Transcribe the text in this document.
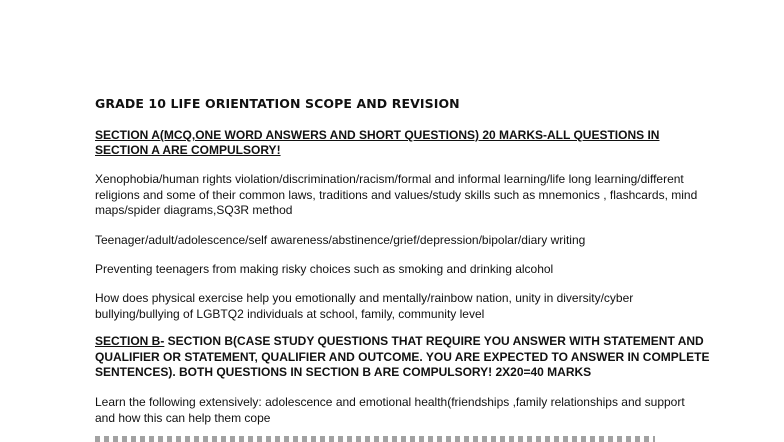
GRADE 10 LIFE ORIENTATION SCOPE AND REVISION
SECTION A(MCQ,ONE WORD ANSWERS AND SHORT QUESTIONS) 20 MARKS-ALL QUESTIONS IN SECTION A ARE COMPULSORY!
Xenophobia/human rights violation/discrimination/racism/formal and informal learning/life long learning/different religions and some of their common laws, traditions and values/study skills such as mnemonics , flashcards, mind maps/spider diagrams,SQ3R method
Teenager/adult/adolescence/self awareness/abstinence/grief/depression/bipolar/diary writing
Preventing teenagers from making risky choices such as smoking and drinking alcohol
How does physical exercise help you emotionally and mentally/rainbow nation, unity in diversity/cyber bullying/bullying of LGBTQ2 individuals at school, family, community level
SECTION B- SECTION B(CASE STUDY QUESTIONS THAT REQUIRE YOU ANSWER WITH STATEMENT AND QUALIFIER OR STATEMENT, QUALIFIER AND OUTCOME. YOU ARE EXPECTED TO ANSWER IN COMPLETE SENTENCES). BOTH QUESTIONS IN SECTION B ARE COMPULSORY! 2X20=40 MARKS
Learn the following extensively: adolescence and emotional health(friendships ,family relationships and support and how this can help them cope
